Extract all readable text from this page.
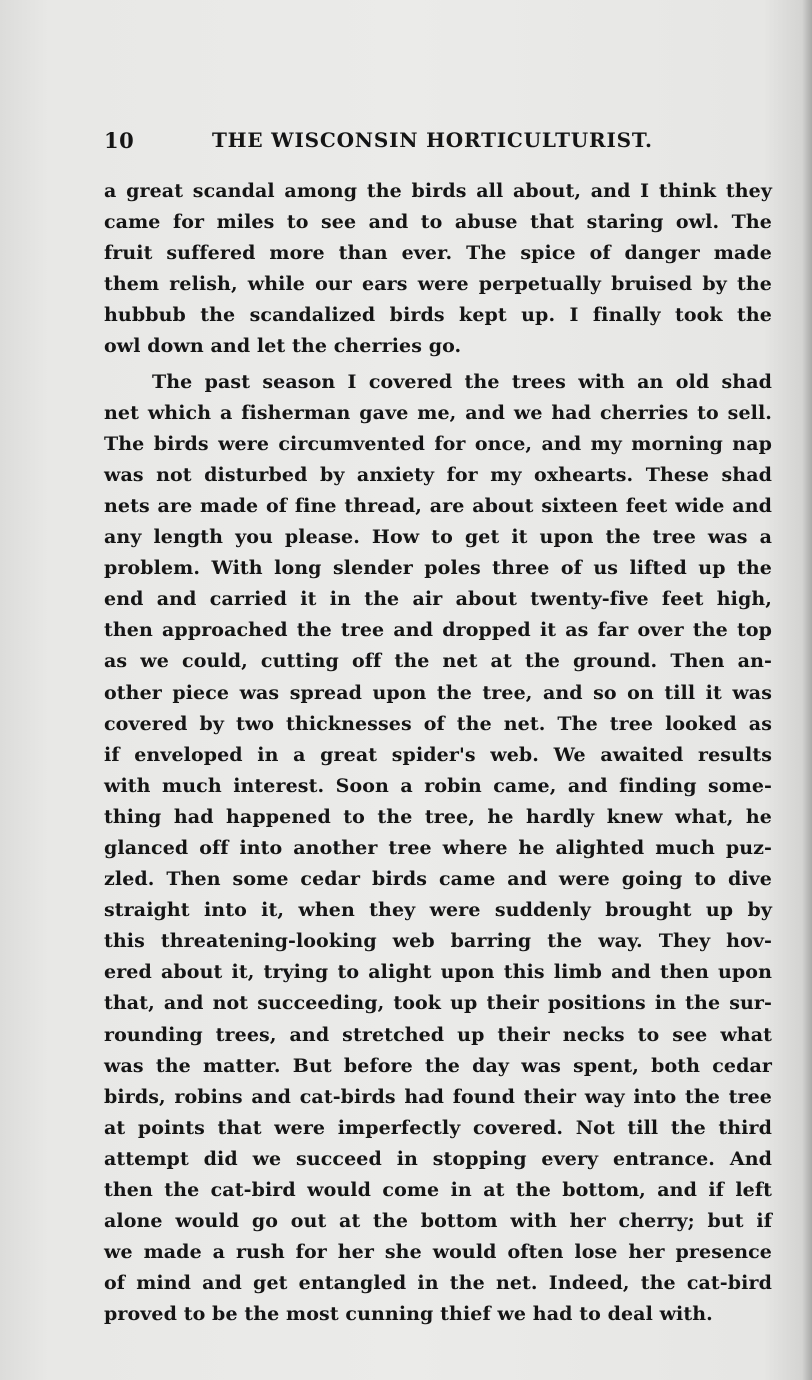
10	THE WISCONSIN HORTICULTURIST.
a great scandal among the birds all about, and I think they
came for miles to see and to abuse that staring owl. The
fruit suffered more than ever. The spice of danger made
them relish, while our ears were perpetually bruised by the
hubbub the scandalized birds kept up. I finally took the
owl down and let the cherries go.
The past season I covered the trees with an old shad
net which a fisherman gave me, and we had cherries to sell.
The birds were circumvented for once, and my morning nap
was not disturbed by anxiety for my oxhearts. These shad
nets are made of fine thread, are about sixteen feet wide and
any length you please. How to get it upon the tree was a
problem. With long slender poles three of us lifted up the
end and carried it in the air about twenty-five feet high,
then approached the tree and dropped it as far over the top
as we could, cutting off the net at the ground. Then an-
other piece was spread upon the tree, and so on till it was
covered by two thicknesses of the net. The tree looked as
if enveloped in a great spider's web. We awaited results
with much interest. Soon a robin came, and finding some-
thing had happened to the tree, he hardly knew what, he
glanced off into another tree where he alighted much puz-
zled. Then some cedar birds came and were going to dive
straight into it, when they were suddenly brought up by
this threatening-looking web barring the way. They hov-
ered about it, trying to alight upon this limb and then upon
that, and not succeeding, took up their positions in the sur-
rounding trees, and stretched up their necks to see what
was the matter. But before the day was spent, both cedar
birds, robins and cat-birds had found their way into the tree
at points that were imperfectly covered. Not till the third
attempt did we succeed in stopping every entrance. And
then the cat-bird would come in at the bottom, and if left
alone would go out at the bottom with her cherry; but if
we made a rush for her she would often lose her presence
of mind and get entangled in the net. Indeed, the cat-bird
proved to be the most cunning thief we had to deal with.
